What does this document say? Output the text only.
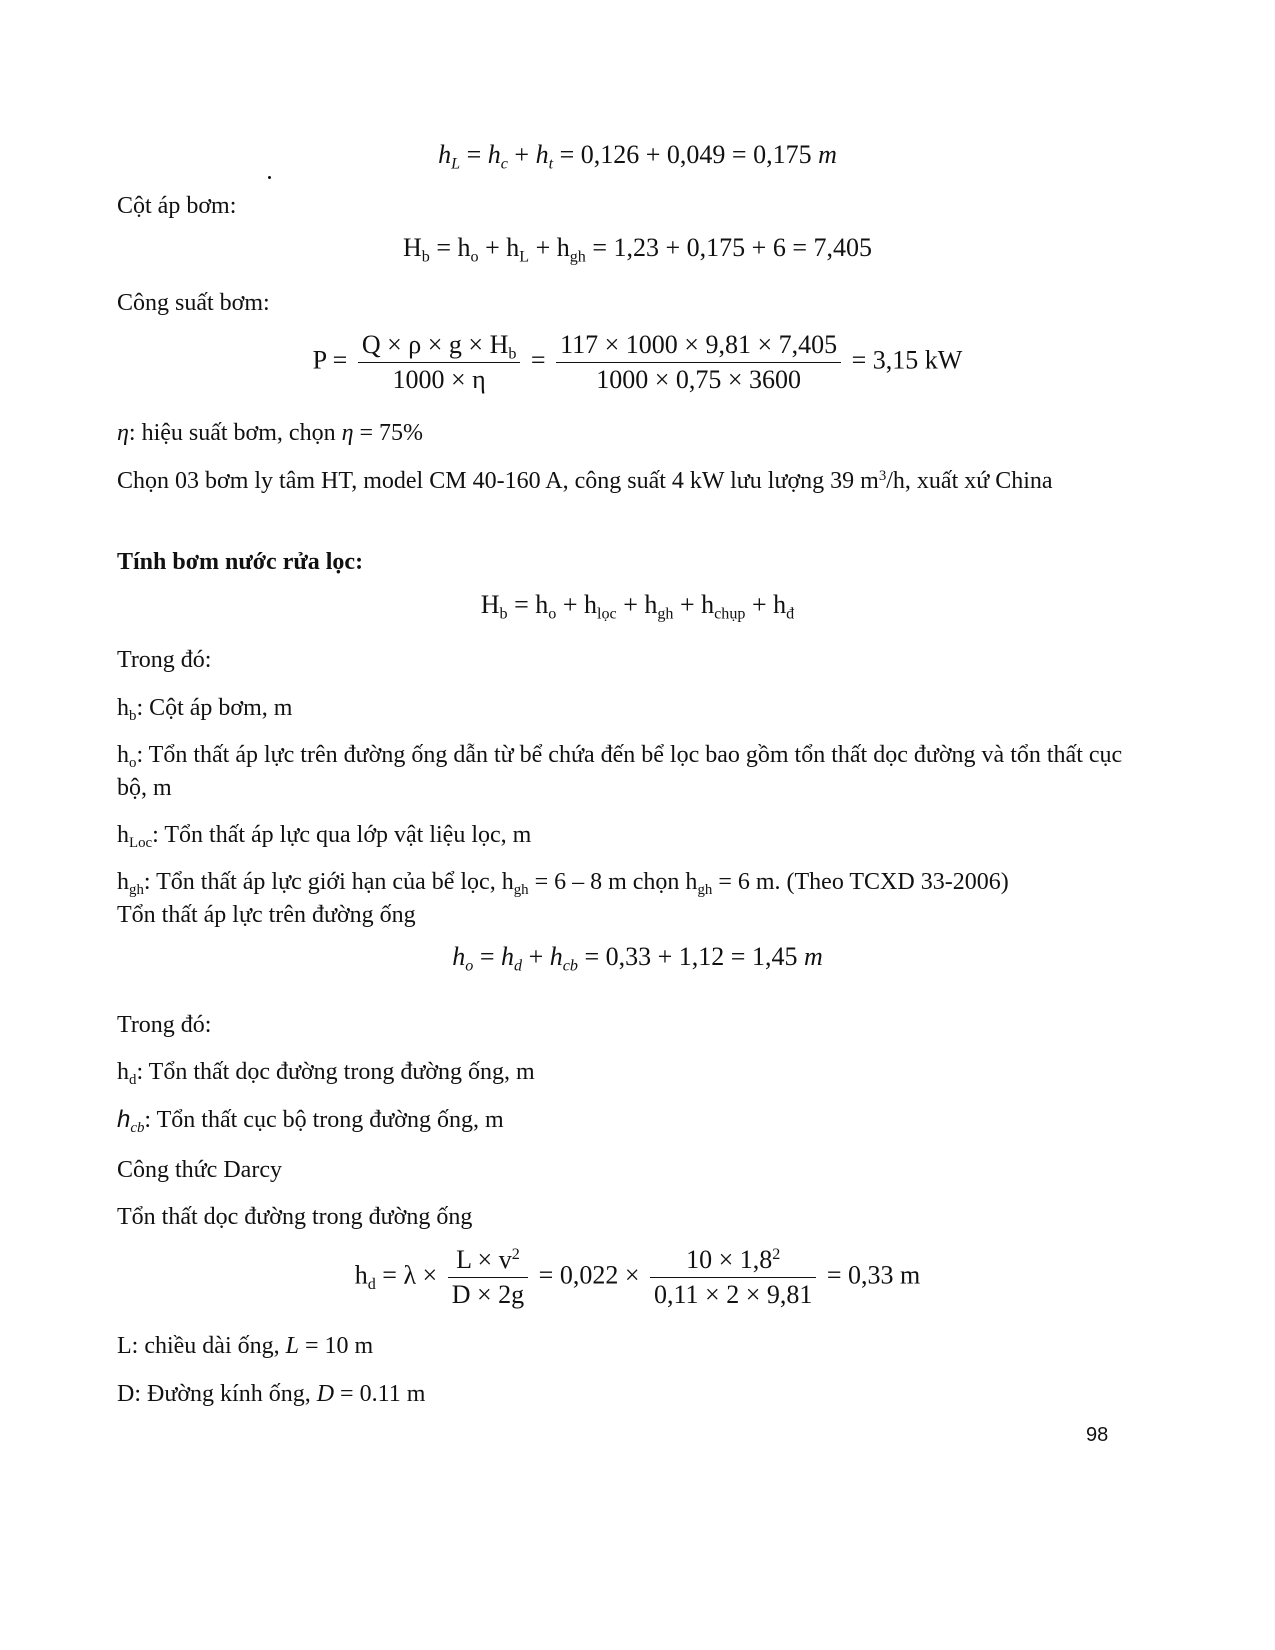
$h_L = h_c + h_t = 0,126 + 0,049 = 0,175$ m
Cột áp bơm:
$H_b = h_o + h_L + h_{gh} = 1,23 + 0,175 + 6 = 7,405$
Công suất bơm:
$P = \frac{Q \times \rho \times g \times H_b}{1000 \times \eta} = \frac{117 \times 1000 \times 9,81 \times 7,405}{1000 \times 0,75 \times 3600} = 3,15$ kW
η: hiệu suất bơm, chọn η = 75%
Chọn 03 bơm ly tâm HT, model CM 40-160 A, công suất 4 kW lưu lượng 39 $m^3/h$, xuất xứ China
Tính bơm nước rửa lọc:
$H_b = h_o + h_{lọc} + h_{gh} + h_{chụp} + h_đ$
Trong đó:
$h_b$: Cột áp bơm, m
$h_o$: Tổn thất áp lực trên đường ống dẫn từ bể chứa đến bể lọc bao gồm tổn thất dọc đường và tổn thất cục bộ, m
$h_{Loc}$: Tổn thất áp lực qua lớp vật liệu lọc, m
$h_{gh}$: Tổn thất áp lực giới hạn của bể lọc, $h_{gh} = 6 - 8$ m chọn $h_{gh} = 6$ m. (Theo TCXD 33-2006)
Tổn thất áp lực trên đường ống
$h_o = h_d + h_{cb} = 0,33 + 1,12 = 1,45$ m
Trong đó:
$h_d$: Tổn thất dọc đường trong đường ống, m
$h_{cb}$: Tổn thất cục bộ trong đường ống, m
Công thức Darcy
Tổn thất dọc đường trong đường ống
$h_d = \lambda \times \frac{L \times v^2}{D \times 2g} = 0,022 \times \frac{10 \times 1,8^2}{0,11 \times 2 \times 9,81} = 0,33$ m
L: chiều dài ống, L = 10 m
D: Đường kính ống, D = 0.11 m
98
